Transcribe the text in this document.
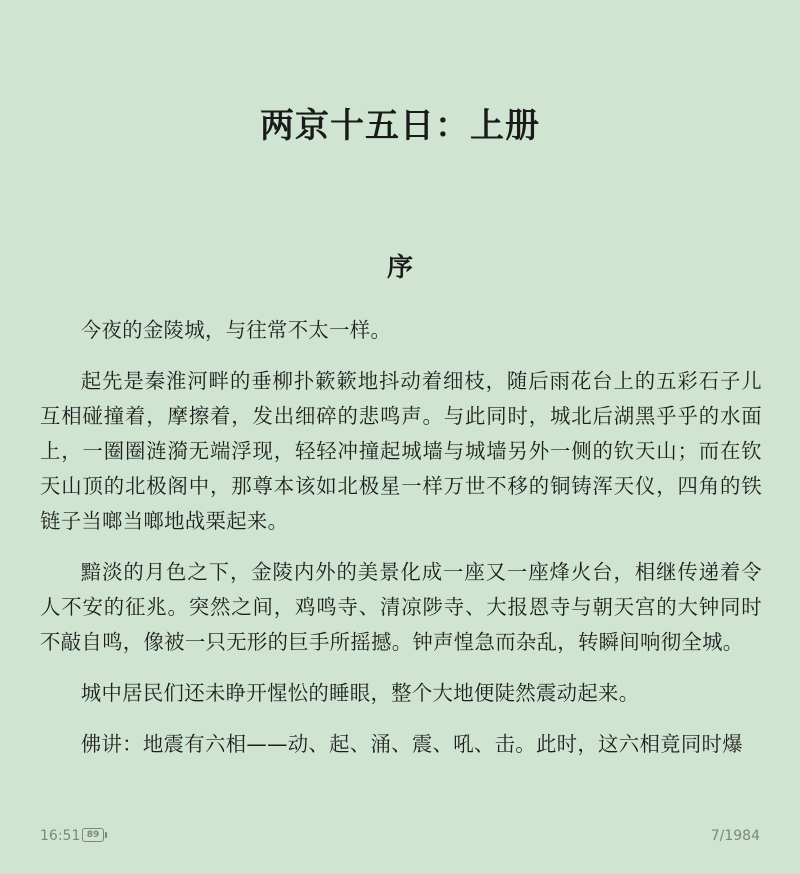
两京十五日：上册
序

今夜的金陵城，与往常不太一样。

起先是秦淮河畔的垂柳扑簌簌地抖动着细枝，随后雨花台上的五彩石子儿互相碰撞着，摩擦着，发出细碎的悲鸣声。与此同时，城北后湖黑乎乎的水面上，一圈圈涟漪无端浮现，轻轻冲撞起城墙与城墙另外一侧的钦天山；而在钦天山顶的北极阁中，那尊本该如北极星一样万世不移的铜铸浑天仪，四角的铁链子当啷当啷地战栗起来。

黯淡的月色之下，金陵内外的美景化成一座又一座烽火台，相继传递着令人不安的征兆。突然之间，鸡鸣寺、清凉陟寺、大报恩寺与朝天宫的大钟同时不敲自鸣，像被一只无形的巨手所摇撼。钟声惶急而杂乱，转瞬间响彻全城。

城中居民们还未睁开惺忪的睡眼，整个大地便陡然震动起来。

佛讲：地震有六相——动、起、涌、震、吼、击。此时，这六相竟同时爆

16:51 89	7/1984
